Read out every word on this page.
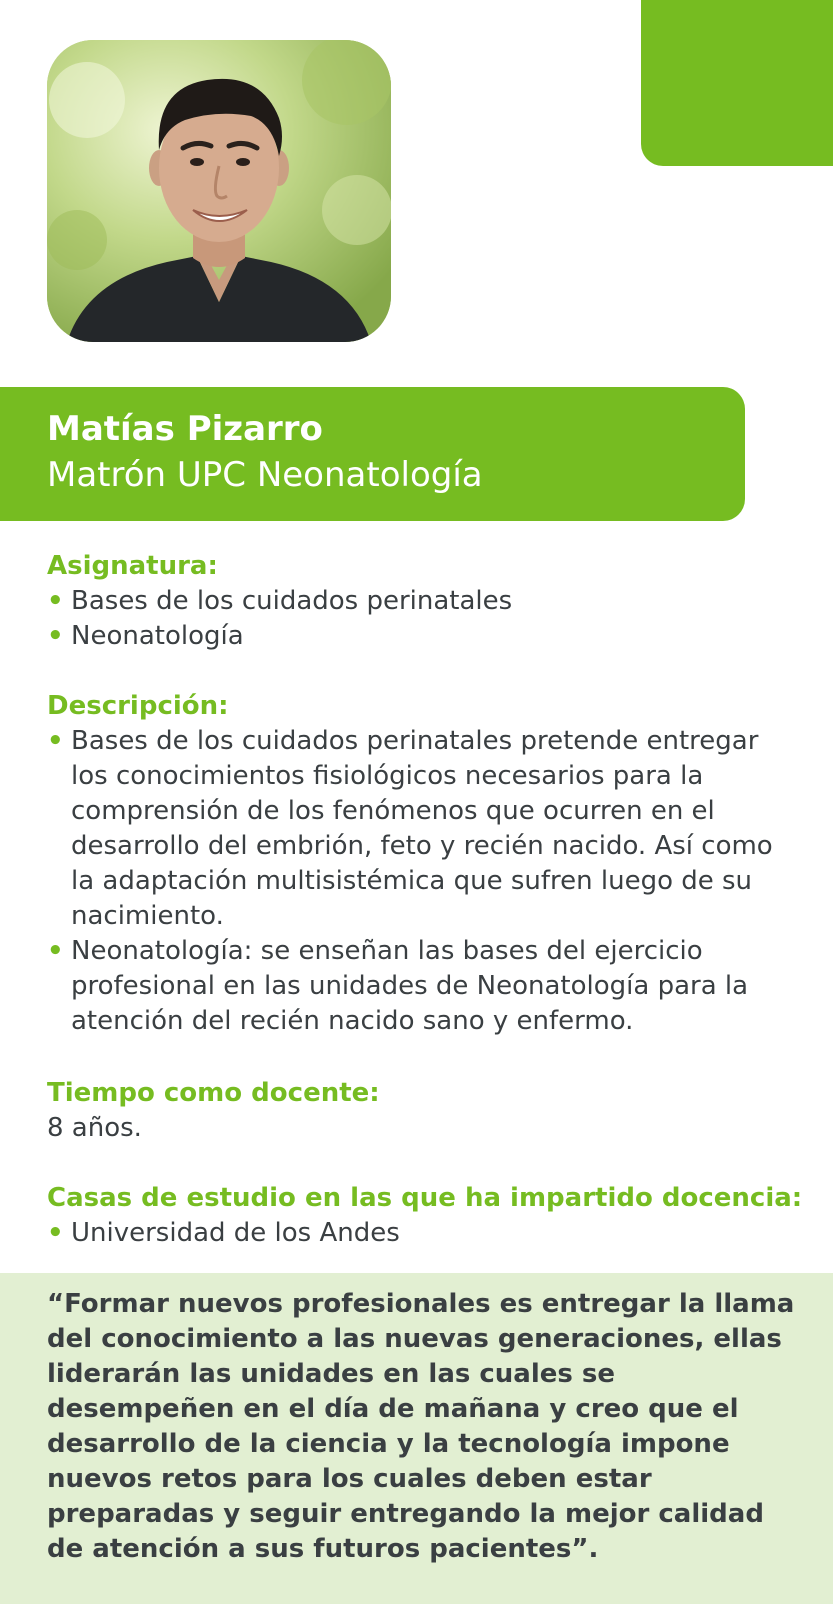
Matías Pizarro

Matrón UPC Neonatología

Asignatura:
• Bases de los cuidados perinatales
• Neonatología
Descripción:
• Bases de los cuidados perinatales pretende entregar los conocimientos fisiológicos necesarios para la comprensión de los fenómenos que ocurren en el desarrollo del embrión, feto y recién nacido. Así como la adaptación multisistémica que sufren luego de su nacimiento.
• Neonatología: se enseñan las bases del ejercicio profesional en las unidades de Neonatología para la atención del recién nacido sano y enfermo.
Tiempo como docente:

8 años.

Casas de estudio en las que ha impartido docencia:
• Universidad de los Andes

“Formar nuevos profesionales es entregar la llama del conocimiento a las nuevas generaciones, ellas liderarán las unidades en las cuales se desempeñen en el día de mañana y creo que el desarrollo de la ciencia y la tecnología impone nuevos retos para los cuales deben estar preparadas y seguir entregando la mejor calidad de atención a sus futuros pacientes”.
